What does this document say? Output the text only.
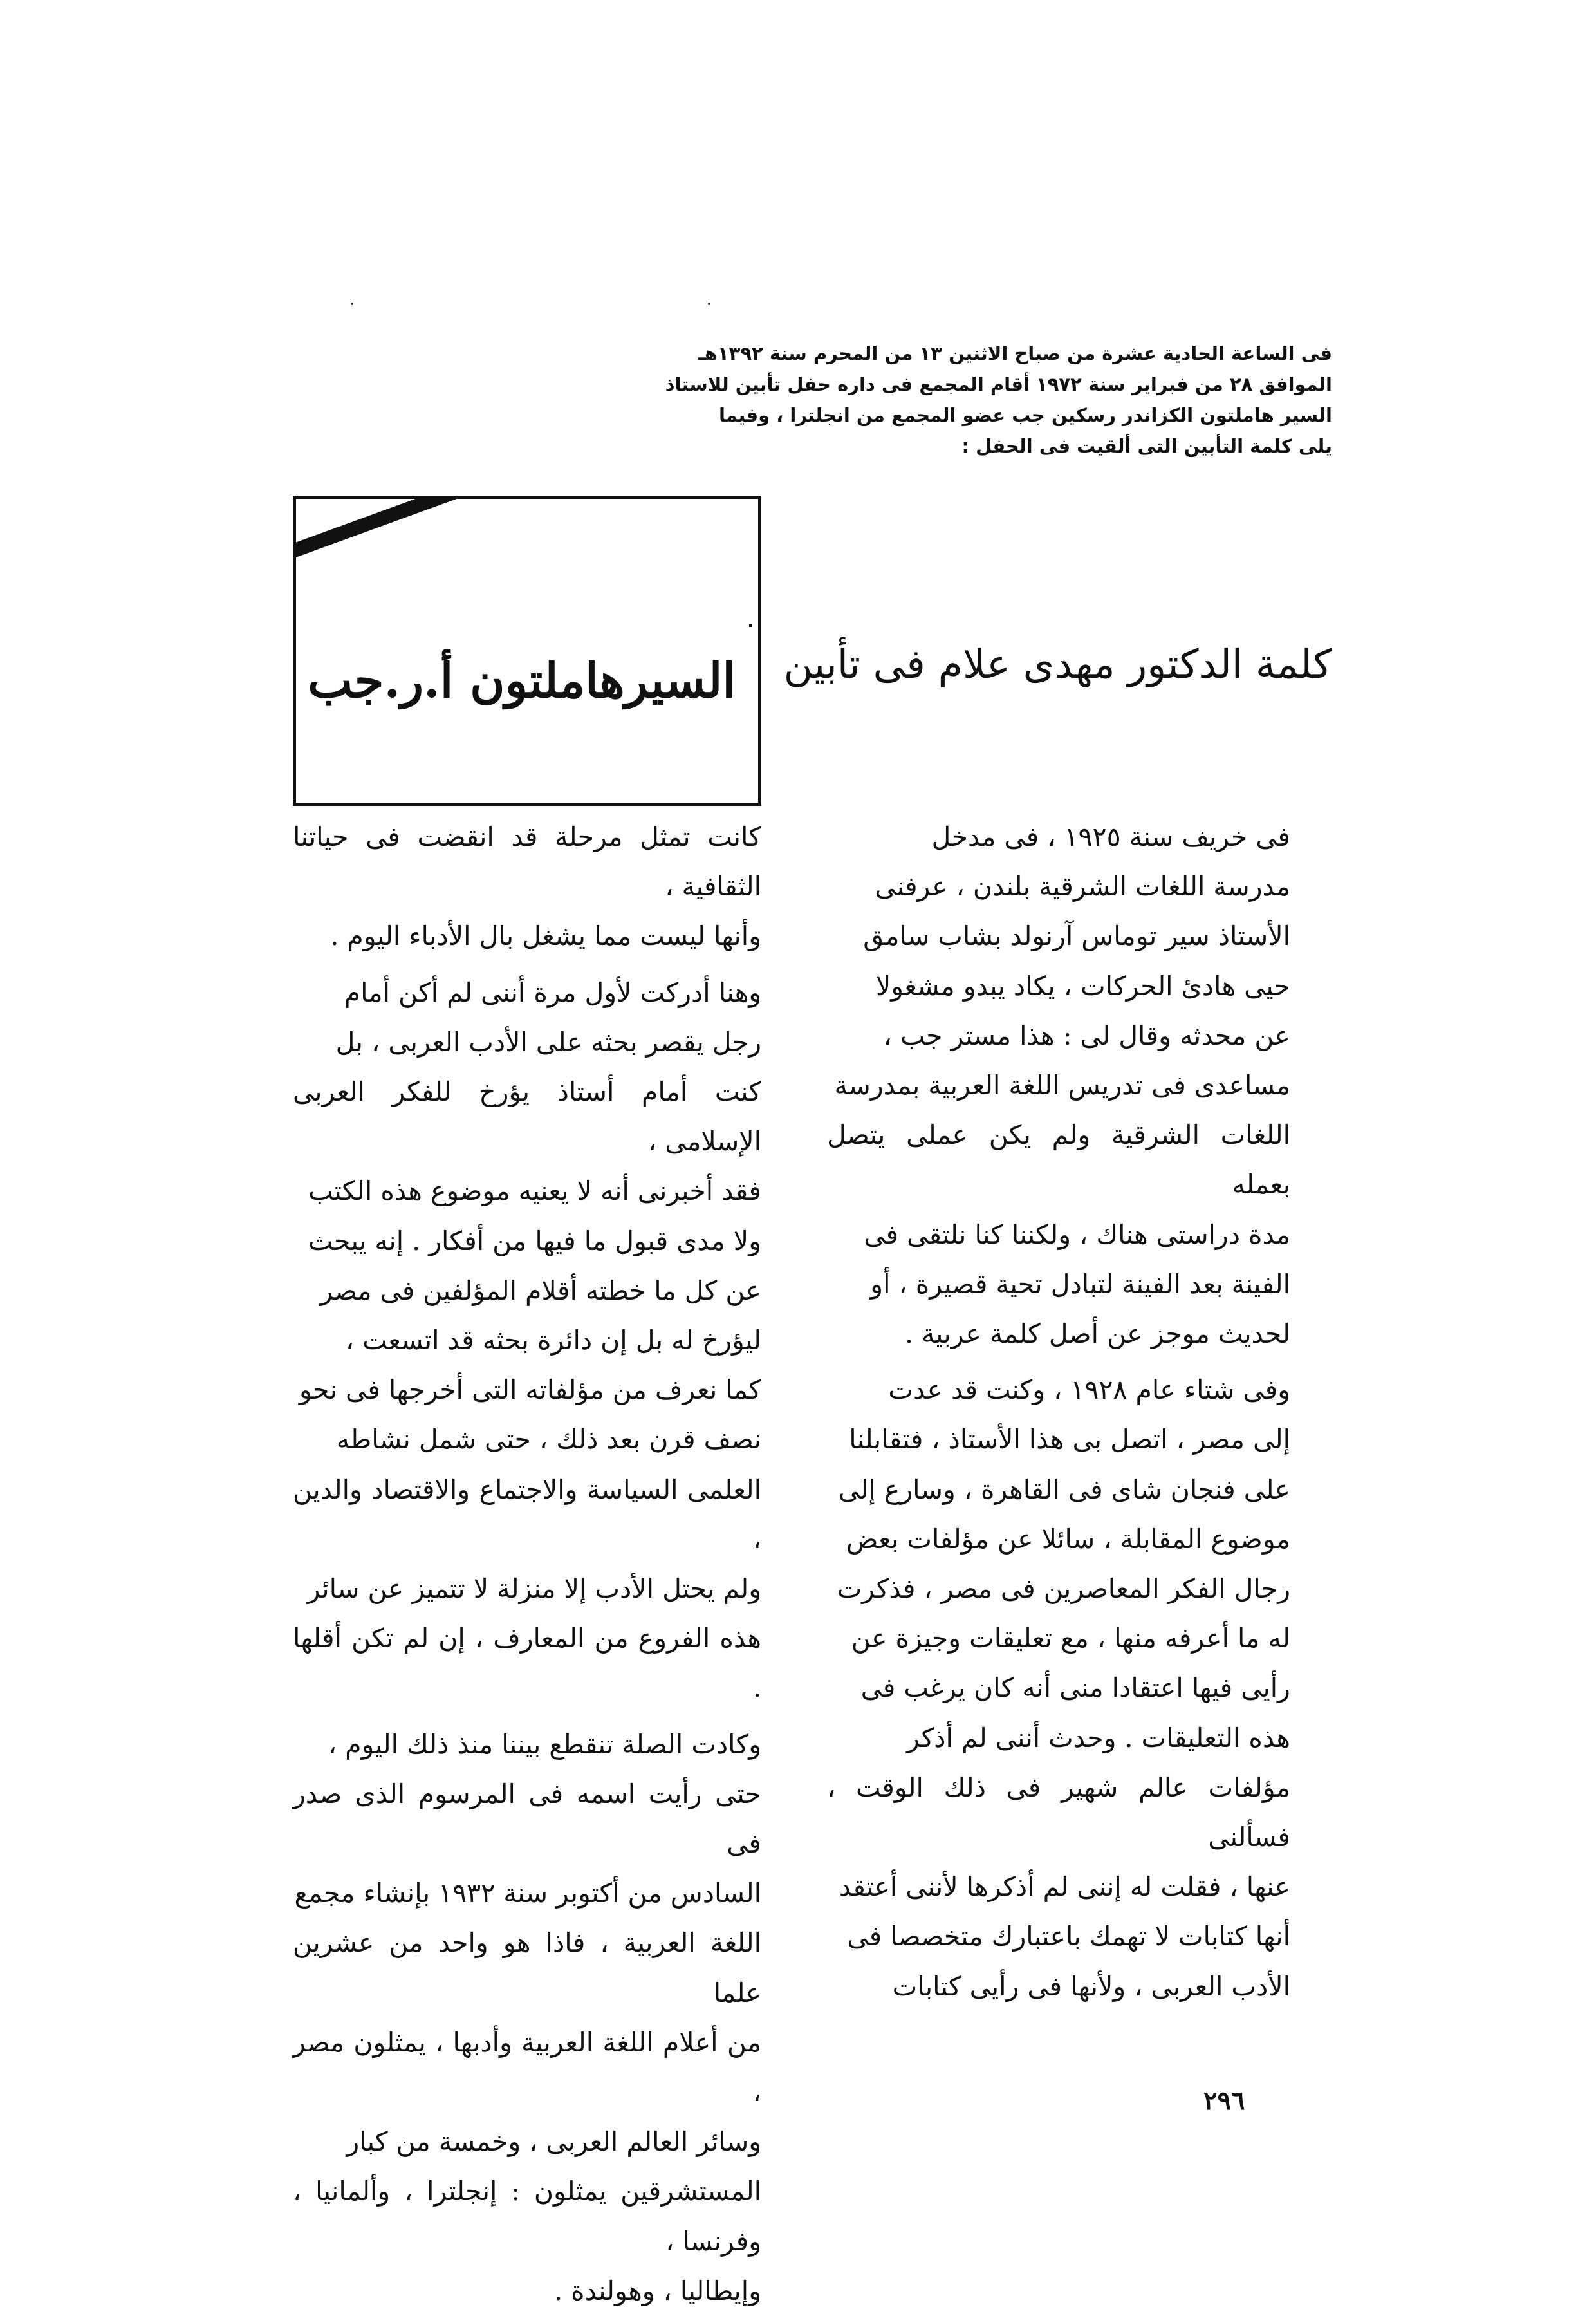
فى الساعة الحادية عشرة من صباح الاثنين ١٣ من المحرم سنة ١٣٩٢هـ
الموافق ٢٨ من فبراير سنة ١٩٧٢ أقام المجمع فى داره حفل تأبين للاستاذ
السير هاملتون الكزاندر رسكين جب عضو المجمع من انجلترا ، وفيما
يلى كلمة التأبين التى ألقيت فى الحفل :
السيرهاملتون أ.ر.جب كلمة الدكتور مهدى علام فى تأبين

فى خريف سنة ١٩٢٥ ، فى مدخل

مدرسة اللغات الشرقية بلندن ، عرفنى

الأستاذ سير توماس آرنولد بشاب سامق

حيى هادئ الحركات ، يكاد يبدو مشغولا

عن محدثه وقال لى : هذا مستر جب ،

مساعدى فى تدريس اللغة العربية بمدرسة

اللغات الشرقية ولم يكن عملى يتصل بعمله

مدة دراستى هناك ، ولكننا كنا نلتقى فى

الفينة بعد الفينة لتبادل تحية قصيرة ، أو

لحديث موجز عن أصل كلمة عربية .

وفى شتاء عام ١٩٢٨ ، وكنت قد عدت

إلى مصر ، اتصل بى هذا الأستاذ ، فتقابلنا

على فنجان شاى فى القاهرة ، وسارع إلى

موضوع المقابلة ، سائلا عن مؤلفات بعض

رجال الفكر المعاصرين فى مصر ، فذكرت

له ما أعرفه منها ، مع تعليقات وجيزة عن

رأيى فيها اعتقادا منى أنه كان يرغب فى

هذه التعليقات . وحدث أننى لم أذكر

مؤلفات عالم شهير فى ذلك الوقت ، فسألنى

عنها ، فقلت له إننى لم أذكرها لأننى أعتقد

أنها كتابات لا تهمك باعتبارك متخصصا فى

الأدب العربى ، ولأنها فى رأيى كتابات

كانت تمثل مرحلة قد انقضت فى حياتنا الثقافية ،

وأنها ليست مما يشغل بال الأدباء اليوم .

وهنا أدركت لأول مرة أننى لم أكن أمام

رجل يقصر بحثه على الأدب العربى ، بل

كنت أمام أستاذ يؤرخ للفكر العربى الإسلامى ،

فقد أخبرنى أنه لا يعنيه موضوع هذه الكتب

ولا مدى قبول ما فيها من أفكار . إنه يبحث

عن كل ما خطته أقلام المؤلفين فى مصر

ليؤرخ له بل إن دائرة بحثه قد اتسعت ،

كما نعرف من مؤلفاته التى أخرجها فى نحو

نصف قرن بعد ذلك ، حتى شمل نشاطه

العلمى السياسة والاجتماع والاقتصاد والدين ،

ولم يحتل الأدب إلا منزلة لا تتميز عن سائر

هذه الفروع من المعارف ، إن لم تكن أقلها .

وكادت الصلة تنقطع بيننا منذ ذلك اليوم ،

حتى رأيت اسمه فى المرسوم الذى صدر فى

السادس من أكتوبر سنة ١٩٣٢ بإنشاء مجمع

اللغة العربية ، فاذا هو واحد من عشرين علما

من أعلام اللغة العربية وأدبها ، يمثلون مصر ،

وسائر العالم العربى ، وخمسة من كبار

المستشرقين يمثلون : إنجلترا ، وألمانيا ، وفرنسا ،

وإيطاليا ، وهولندة .

٢٩٦
